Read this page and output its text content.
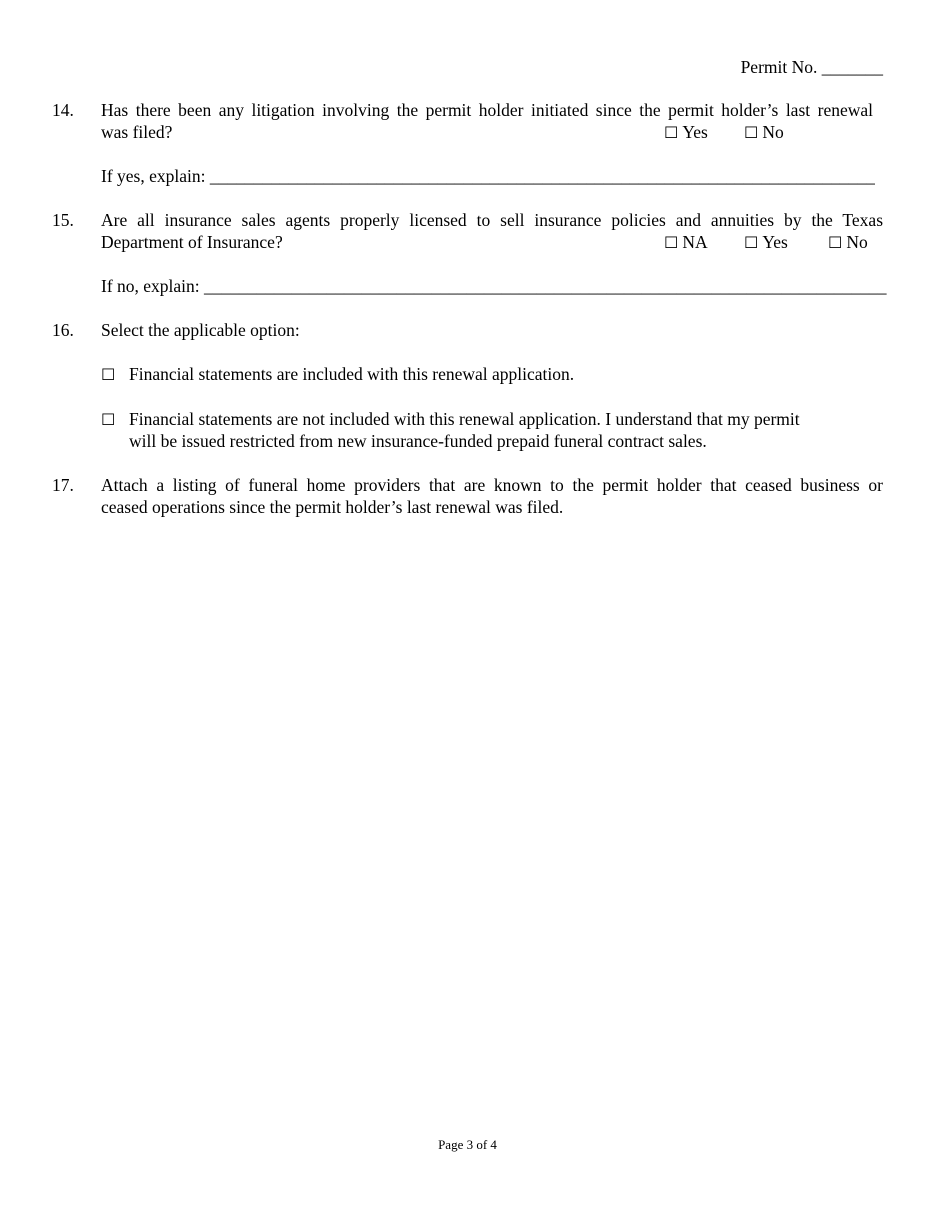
Permit No. _______
14. Has there been any litigation involving the permit holder initiated since the permit holder’s last renewal
was filed?	☐ Yes ☐ No
If yes, explain: ____________________________________________________________________________
15. Are all insurance sales agents properly licensed to sell insurance policies and annuities by the Texas
Department of Insurance?	☐ NA ☐ Yes	☐ No
If no, explain: ______________________________________________________________________________
16. Select the applicable option:
☐ Financial statements are included with this renewal application.
☐ Financial statements are not included with this renewal application. I understand that my permit
will be issued restricted from new insurance-funded prepaid funeral contract sales.
17. Attach a listing of funeral home providers that are known to the permit holder that ceased business or
ceased operations since the permit holder’s last renewal was filed.
Page 3 of 4
